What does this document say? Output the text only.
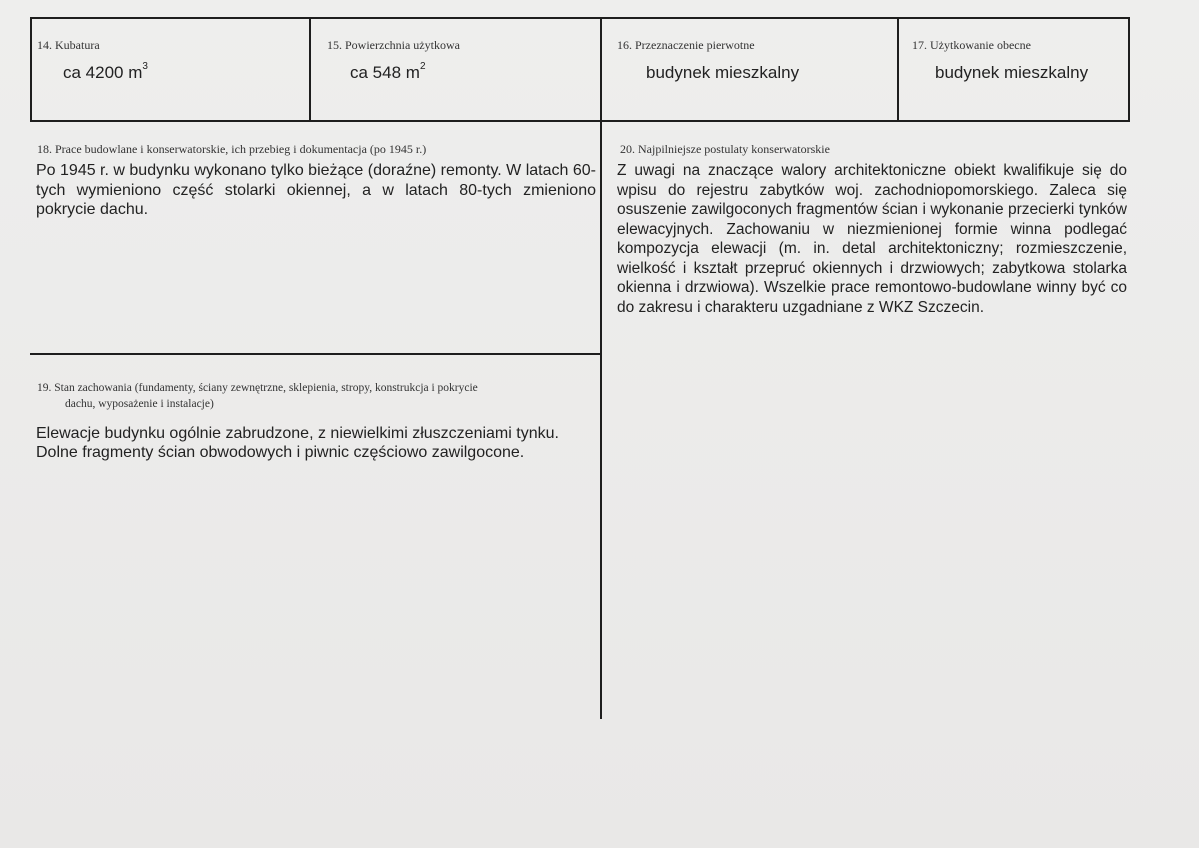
14. Kubatura
ca 4200 $m^3$
15. Powierzchnia użytkowa
ca 548 $m^2$
16. Przeznaczenie pierwotne
budynek mieszkalny
17. Użytkowanie obecne
budynek mieszkalny
18. Prace budowlane i konserwatorskie, ich przebieg i dokumentacja (po 1945 r.)
Po 1945 r. w budynku wykonano tylko bieżące (doraźne) remonty. W latach 60-tych wymieniono część stolarki okiennej, a w latach 80-tych zmieniono pokrycie dachu.
19. Stan zachowania (fundamenty, ściany zewnętrzne, sklepienia, stropy, konstrukcja i pokrycie
dachu, wyposażenie i instalacje)
Elewacje budynku ogólnie zabrudzone, z niewielkimi złuszczeniami tynku.
Dolne fragmenty ścian obwodowych i piwnic częściowo zawilgocone.
20. Najpilniejsze postulaty konserwatorskie
Z uwagi na znaczące walory architektoniczne obiekt kwalifikuje się do wpisu do rejestru zabytków woj. zachodniopomorskiego. Zaleca się osuszenie zawilgoconych fragmentów ścian i wykonanie przecierki tynków elewacyjnych. Zachowaniu w niezmienionej formie winna podlegać kompozycja elewacji (m. in. detal architektoniczny; rozmieszczenie, wielkość i kształt przepruć okiennych i drzwiowych; zabytkowa stolarka okienna i drzwiowa). Wszelkie prace remontowo-budowlane winny być co do zakresu i charakteru uzgadniane z WKZ Szczecin.
